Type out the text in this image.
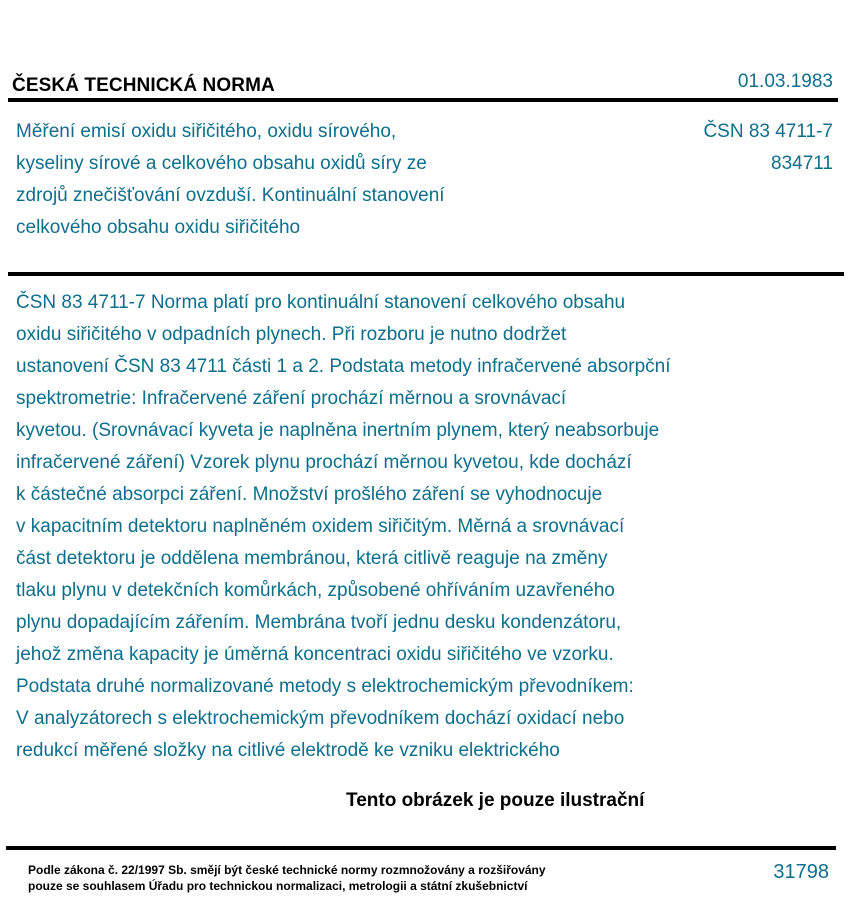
ČESKÁ TECHNICKÁ NORMA	01.03.1983
Měření emisí oxidu siřičitého, oxidu sírového,
kyseliny sírové a celkového obsahu oxidů síry ze
zdrojů znečišťování ovzduší. Kontinuální stanovení
celkového obsahu oxidu siřičitého
ČSN 83 4711-7
834711

ČSN 83 4711-7 Norma platí pro kontinuální stanovení celkového obsahu

oxidu siřičitého v odpadních plynech. Při rozboru je nutno dodržet

ustanovení ČSN 83 4711 části 1 a 2. Podstata metody infračervené absorpční

spektrometrie: Infračervené záření prochází měrnou a srovnávací

kyvetou. (Srovnávací kyveta je naplněna inertním plynem, který neabsorbuje

infračervené záření) Vzorek plynu prochází měrnou kyvetou, kde dochází

k částečné absorpci záření. Množství prošlého záření se vyhodnocuje

v kapacitním detektoru naplněném oxidem siřičitým. Měrná a srovnávací

část detektoru je oddělena membránou, která citlivě reaguje na změny

tlaku plynu v detekčních komůrkách, způsobené ohříváním uzavřeného

plynu dopadajícím zářením. Membrána tvoří jednu desku kondenzátoru,

jehož změna kapacity je úměrná koncentraci oxidu siřičitého ve vzorku.

Podstata druhé normalizované metody s elektrochemickým převodníkem:

V analyzátorech s elektrochemickým převodníkem dochází oxidací nebo

redukcí měřené složky na citlivé elektrodě ke vzniku elektrického

Tento obrázek je pouze ilustrační

Podle zákona č. 22/1997 Sb. smějí být české technické normy rozmnožovány a rozšiřovány

pouze se souhlasem Úřadu pro technickou normalizaci, metrologii a státní zkušebnictví

31798
